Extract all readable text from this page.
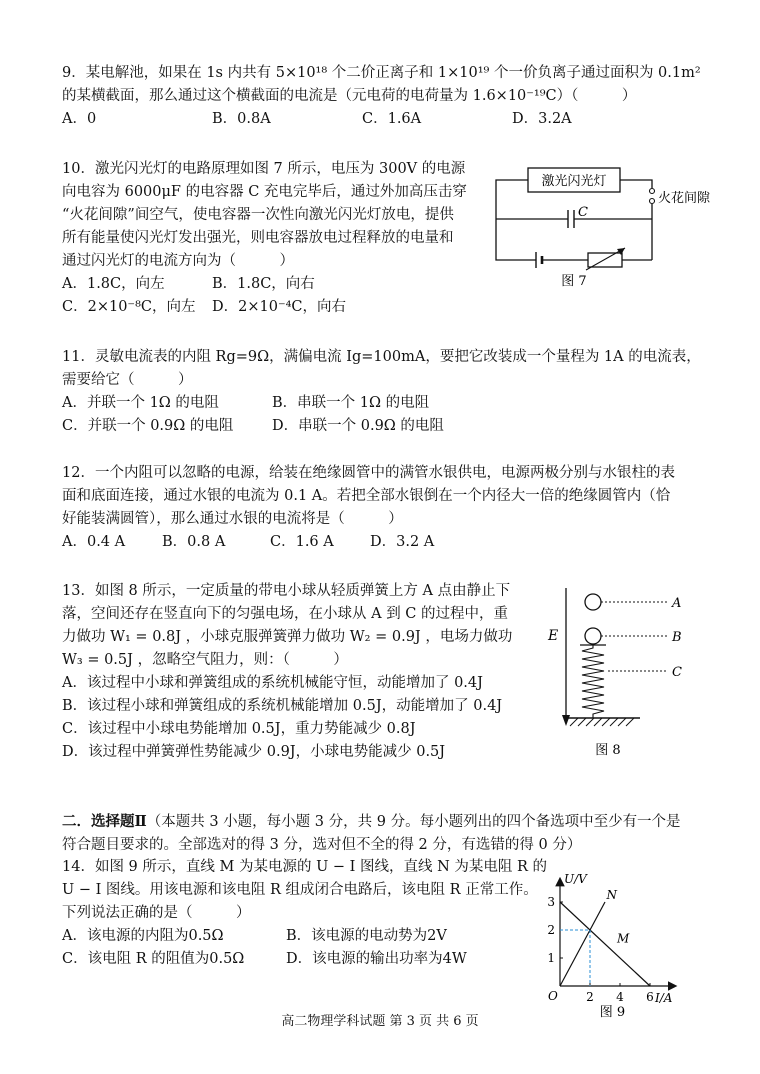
9．某电解池，如果在 1s 内共有 5×10¹⁸ 个二价正离子和 1×10¹⁹ 个一价负离子通过面积为 0.1m²
的某横截面，那么通过这个横截面的电流是（元电荷的电荷量为 1.6×10⁻¹⁹C）（　　　）
A．0	B．0.8A	C．1.6A	D．3.2A
10．激光闪光灯的电路原理如图 7 所示，电压为 300V 的电源
向电容为 6000μF 的电容器 C 充电完毕后，通过外加高压击穿
“火花间隙”间空气，使电容器一次性向激光闪光灯放电，提供
所有能量使闪光灯发出强光，则电容器放电过程释放的电量和
通过闪光灯的电流方向为（　　　）
A．1.8C，向左	B．1.8C，向右
C．2×10⁻⁸C，向左	D．2×10⁻⁴C，向右
激光闪光灯
火花间隙
C
图 7
11．灵敏电流表的内阻 Rg=9Ω，满偏电流 Ig=100mA，要把它改装成一个量程为 1A 的电流表，
需要给它（　　　）
A．并联一个 1Ω 的电阻	B．串联一个 1Ω 的电阻
C．并联一个 0.9Ω 的电阻	D．串联一个 0.9Ω 的电阻
12．一个内阻可以忽略的电源，给装在绝缘圆管中的满管水银供电，电源两极分别与水银柱的表
面和底面连接，通过水银的电流为 0.1 A。若把全部水银倒在一个内径大一倍的绝缘圆管内（恰
好能装满圆管），那么通过水银的电流将是（　　　）
A．0.4 A	B．0.8 A	C．1.6 A	D．3.2 A
13．如图 8 所示，一定质量的带电小球从轻质弹簧上方 A 点由静止下
落，空间还存在竖直向下的匀强电场，在小球从 A 到 C 的过程中，重
力做功 W₁ = 0.8J ，小球克服弹簧弹力做功 W₂ = 0.9J ，电场力做功
W₃ = 0.5J ，忽略空气阻力，则：（　　　）
A．该过程中小球和弹簧组成的系统机械能守恒，动能增加了 0.4J
B．该过程小球和弹簧组成的系统机械能增加 0.5J，动能增加了 0.4J
C．该过程中小球电势能增加 0.5J，重力势能减少 0.8J
D．该过程中弹簧弹性势能减少 0.9J，小球电势能减少 0.5J
E
A
B
C
图 8
二．选择题Ⅱ（本题共 3 小题，每小题 3 分，共 9 分。每小题列出的四个备选项中至少有一个是
符合题目要求的。全部选对的得 3 分，选对但不全的得 2 分，有选错的得 0 分）
14．如图 9 所示，直线 M 为某电源的 U − I 图线，直线 N 为某电阻 R 的
U − I 图线。用该电源和该电阻 R 组成闭合电路后，该电阻 R 正常工作。
下列说法正确的是（　　　）
A．该电源的内阻为0.5Ω	B．该电源的电动势为2V
C．该电阻 R 的阻值为0.5Ω	D．该电源的输出功率为4W
U/V
I/A
O 2 4 6
1
2
3
M
N
图 9
高二物理学科试题 第 3 页 共 6 页
